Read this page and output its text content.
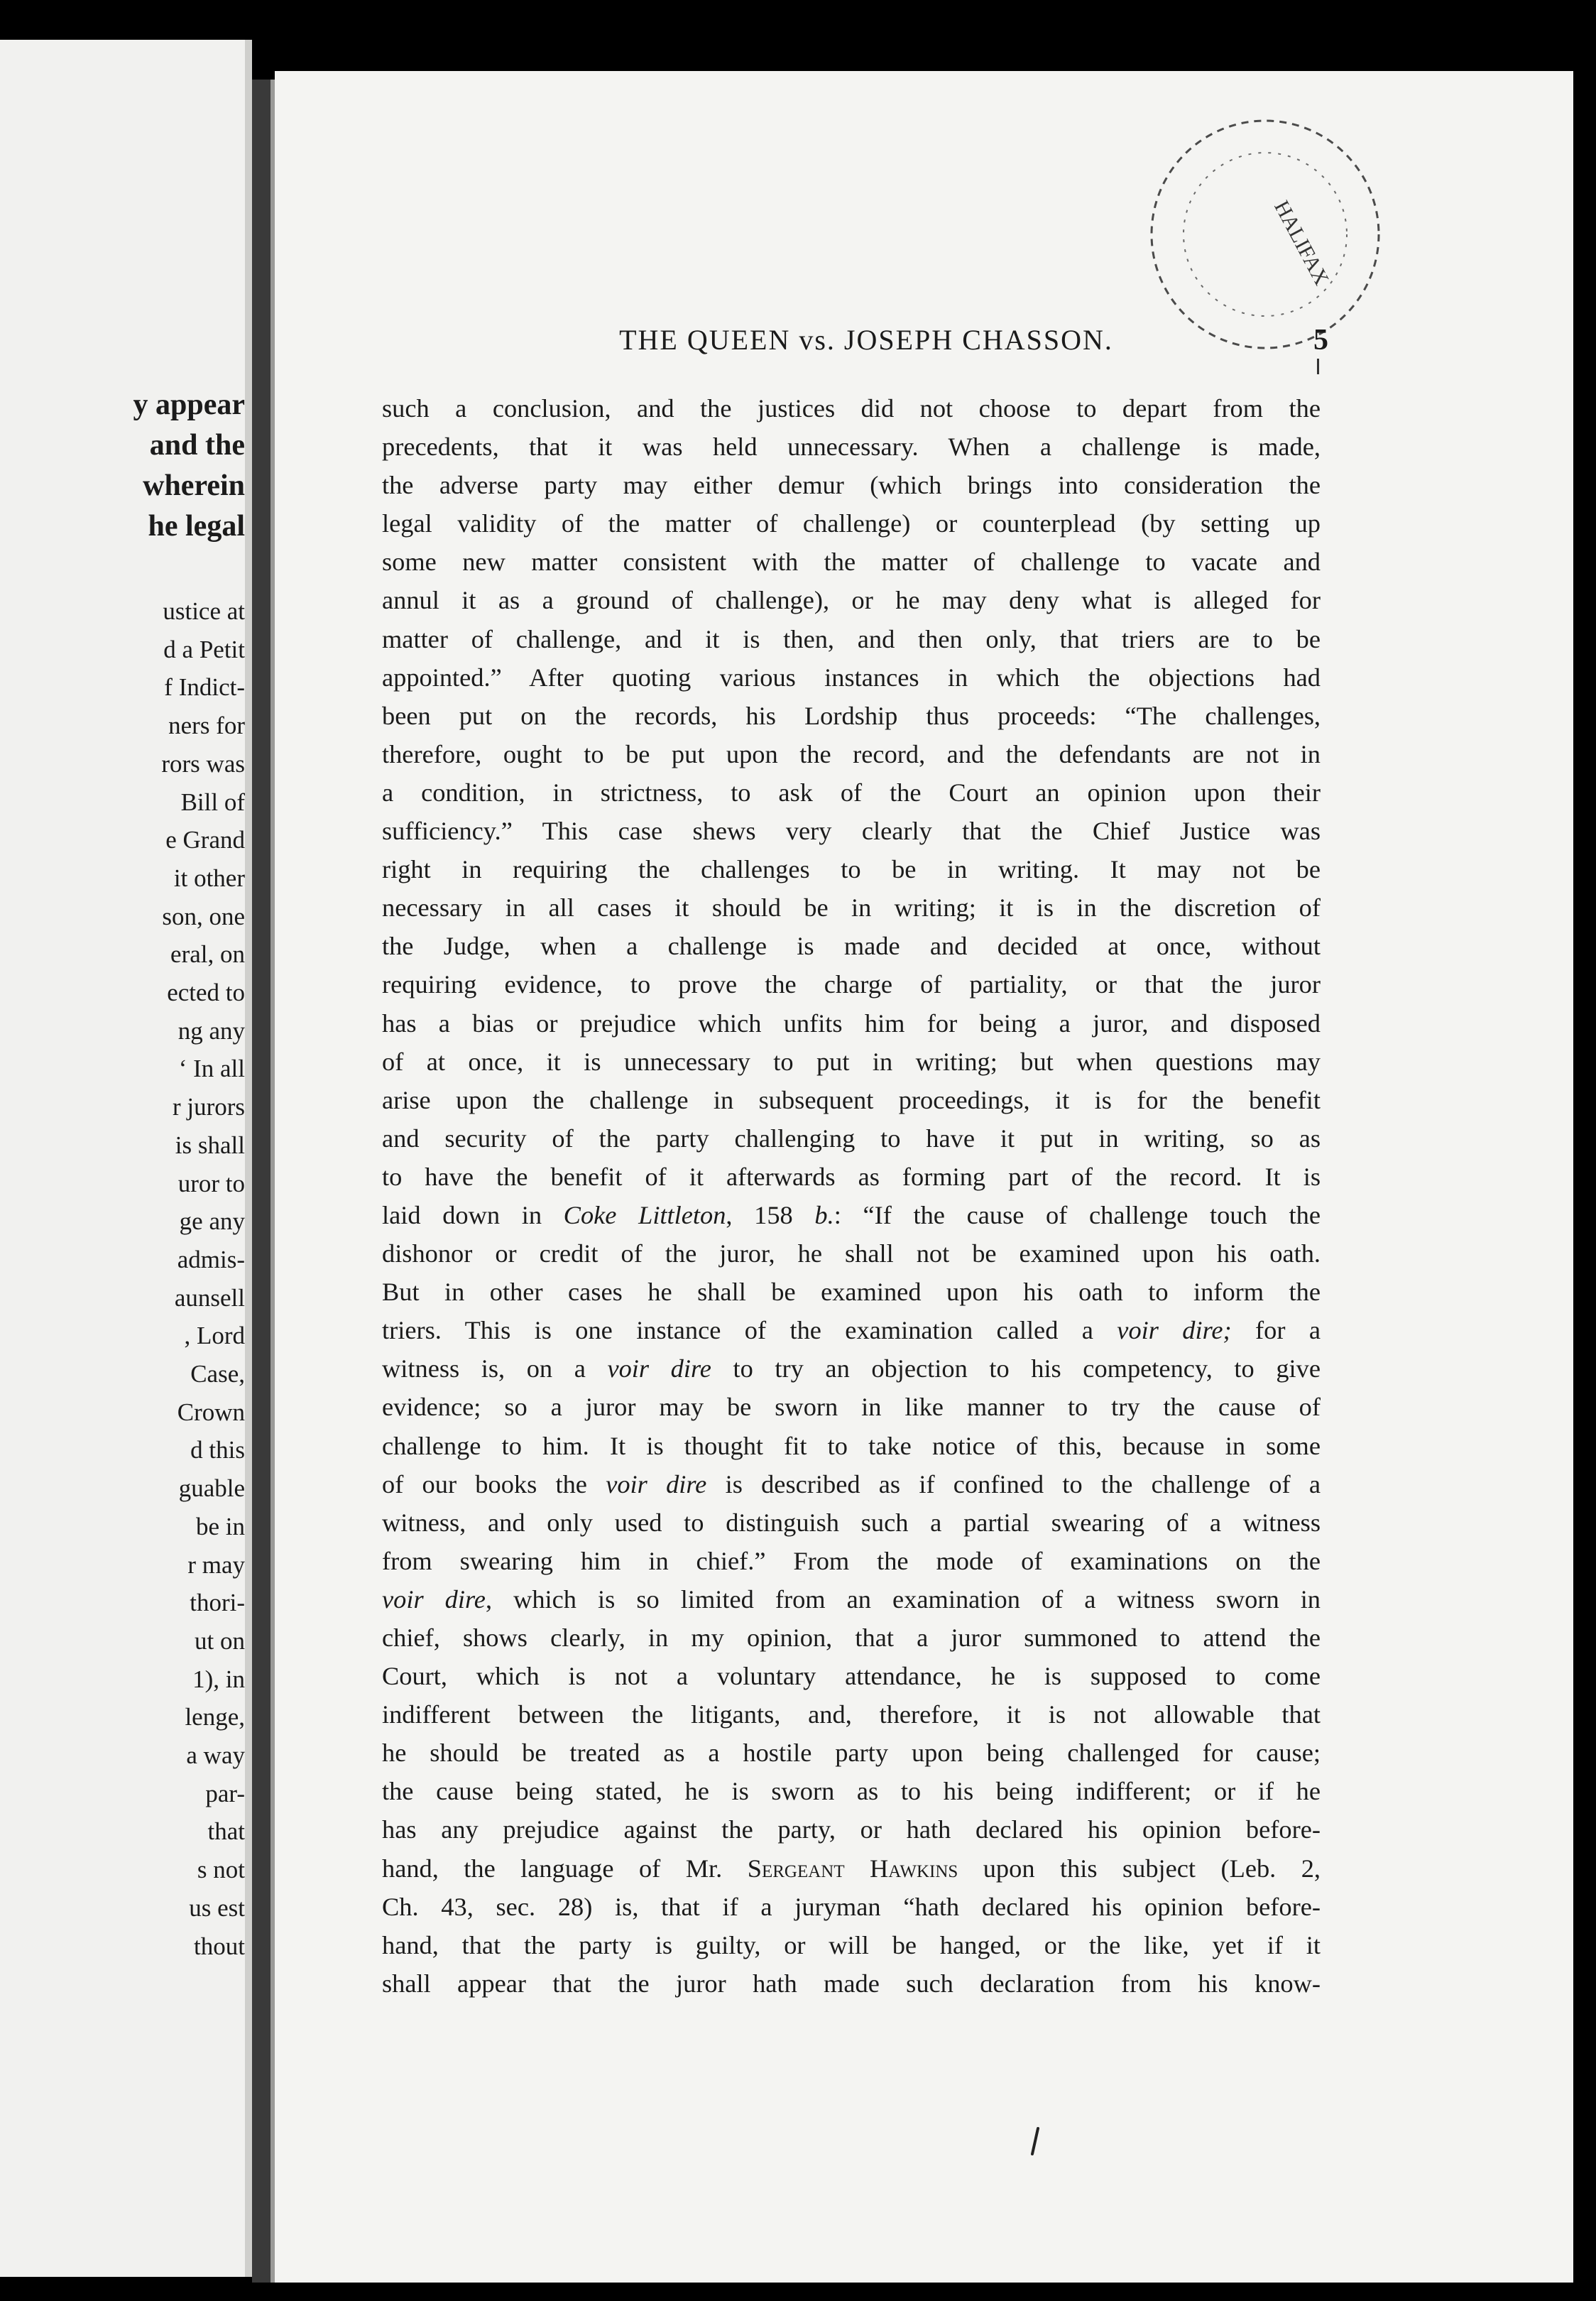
y appear
and the
wherein
he legal
ustice at
d a Petit
f Indict-
ners for
rors was
Bill of
e Grand
it other
son, one
eral, on
ected to
ng any
‘ In all
r jurors
is shall
uror to
ge any
admis-
aunsell
, Lord
Case,
Crown
d this
guable
be in
r may
thori-
ut on
1), in
lenge,
a way
par-
that
s not
us est
thout
HALIFAX
THE QUEEN vs. JOSEPH CHASSON.	5
such a conclusion, and the justices did not choose to depart from the
precedents, that it was held unnecessary. When a challenge is made,
the adverse party may either demur (which brings into consideration the
legal validity of the matter of challenge) or counterplead (by setting up
some new matter consistent with the matter of challenge to vacate and
annul it as a ground of challenge), or he may deny what is alleged for
matter of challenge, and it is then, and then only, that triers are to be
appointed.” After quoting various instances in which the objections had
been put on the records, his Lordship thus proceeds: “The challenges,
therefore, ought to be put upon the record, and the defendants are not in
a condition, in strictness, to ask of the Court an opinion upon their
sufficiency.” This case shews very clearly that the Chief Justice was
right in requiring the challenges to be in writing. It may not be
necessary in all cases it should be in writing; it is in the discretion of
the Judge, when a challenge is made and decided at once, without
requiring evidence, to prove the charge of partiality, or that the juror
has a bias or prejudice which unfits him for being a juror, and disposed
of at once, it is unnecessary to put in writing; but when questions may
arise upon the challenge in subsequent proceedings, it is for the benefit
and security of the party challenging to have it put in writing, so as
to have the benefit of it afterwards as forming part of the record. It is
laid down in Coke Littleton, 158 b.: “If the cause of challenge touch the
dishonor or credit of the juror, he shall not be examined upon his oath.
But in other cases he shall be examined upon his oath to inform the
triers. This is one instance of the examination called a voir dire; for a
witness is, on a voir dire to try an objection to his competency, to give
evidence; so a juror may be sworn in like manner to try the cause of
challenge to him. It is thought fit to take notice of this, because in some
of our books the voir dire is described as if confined to the challenge of a
witness, and only used to distinguish such a partial swearing of a witness
from swearing him in chief.” From the mode of examinations on the
voir dire, which is so limited from an examination of a witness sworn in
chief, shows clearly, in my opinion, that a juror summoned to attend the
Court, which is not a voluntary attendance, he is supposed to come
indifferent between the litigants, and, therefore, it is not allowable that
he should be treated as a hostile party upon being challenged for cause;
the cause being stated, he is sworn as to his being indifferent; or if he
has any prejudice against the party, or hath declared his opinion before-
hand, the language of Mr. Sergeant Hawkins upon this subject (Leb. 2,
Ch. 43, sec. 28) is, that if a juryman “hath declared his opinion before-
hand, that the party is guilty, or will be hanged, or the like, yet if it
shall appear that the juror hath made such declaration from his know-
